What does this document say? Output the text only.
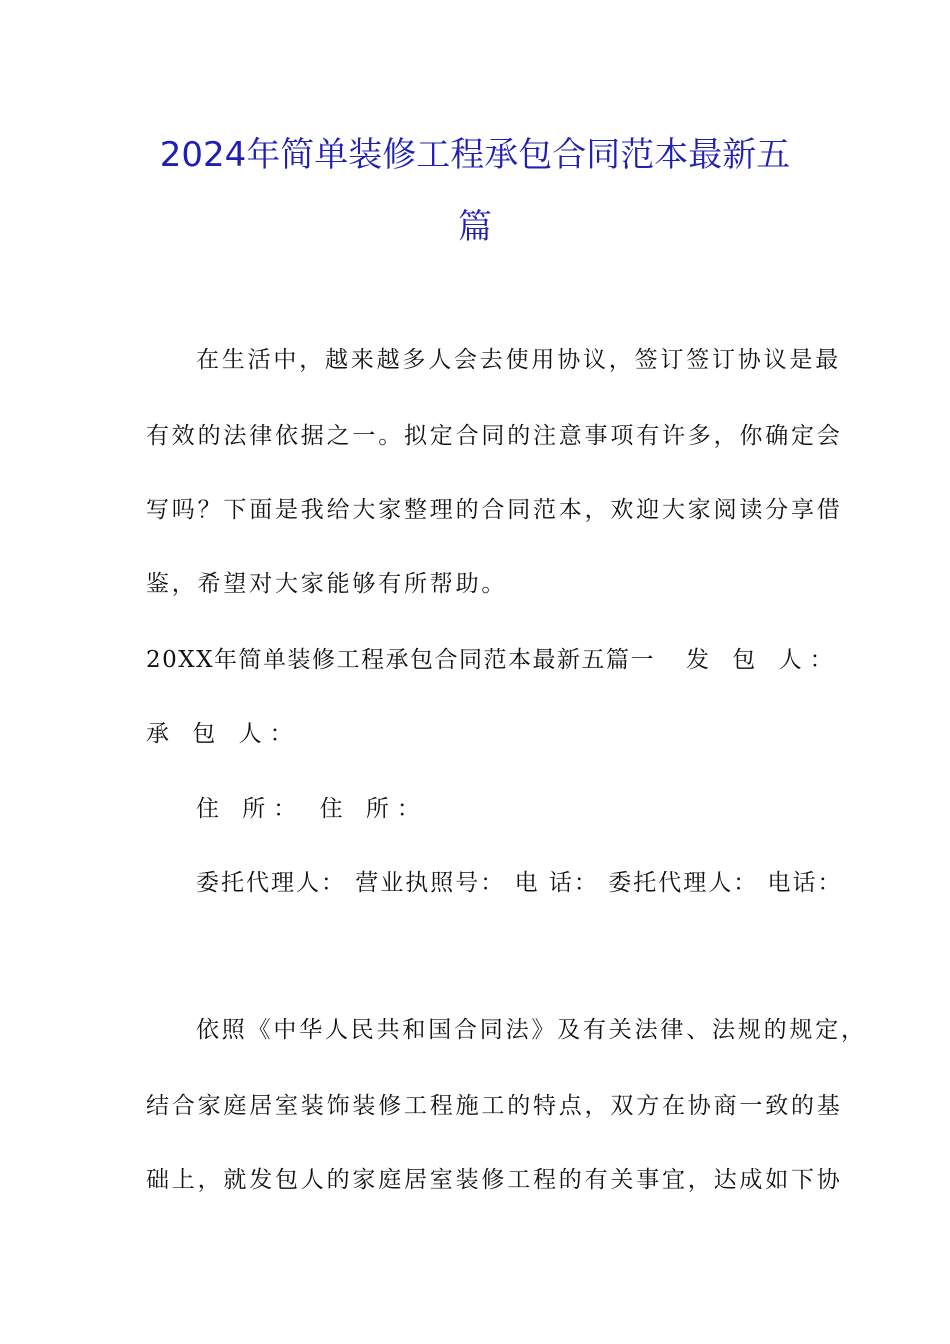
2024年简单装修工程承包合同范本最新五
篇
在生活中，越来越多人会去使用协议，签订签订协议是最
有效的法律依据之一。拟定合同的注意事项有许多，你确定会
写吗？下面是我给大家整理的合同范本，欢迎大家阅读分享借
鉴，希望对大家能够有所帮助。
20XX年简单装修工程承包合同范本最新五篇一 发 包 人：
承 包 人：
住 所： 住 所：
委托代理人： 营业执照号： 电 话： 委托代理人： 电话：
依照《中华人民共和国合同法》及有关法律、法规的规定，
结合家庭居室装饰装修工程施工的特点，双方在协商一致的基
础上，就发包人的家庭居室装修工程的有关事宜，达成如下协
